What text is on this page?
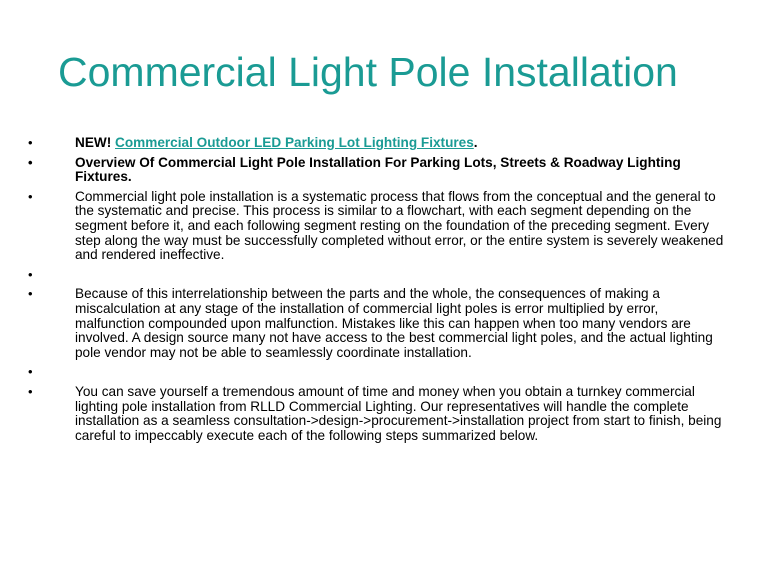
Commercial Light Pole Installation
•	NEW! Commercial Outdoor LED Parking Lot Lighting Fixtures.
•	Overview Of Commercial Light Pole Installation For Parking Lots, Streets & Roadway Lighting Fixtures.
•	Commercial light pole installation is a systematic process that flows from the conceptual and the general to the systematic and precise. This process is similar to a flowchart, with each segment depending on the segment before it, and each following segment resting on the foundation of the preceding segment. Every step along the way must be successfully completed without error, or the entire system is severely weakened and rendered ineffective.
•
•	Because of this interrelationship between the parts and the whole, the consequences of making a miscalculation at any stage of the installation of commercial light poles is error multiplied by error, malfunction compounded upon malfunction. Mistakes like this can happen when too many vendors are involved. A design source many not have access to the best commercial light poles, and the actual lighting pole vendor may not be able to seamlessly coordinate installation.
•
•	You can save yourself a tremendous amount of time and money when you obtain a turnkey commercial lighting pole installation from RLLD Commercial Lighting. Our representatives will handle the complete installation as a seamless consultation->design->procurement->installation project from start to finish, being careful to impeccably execute each of the following steps summarized below.
